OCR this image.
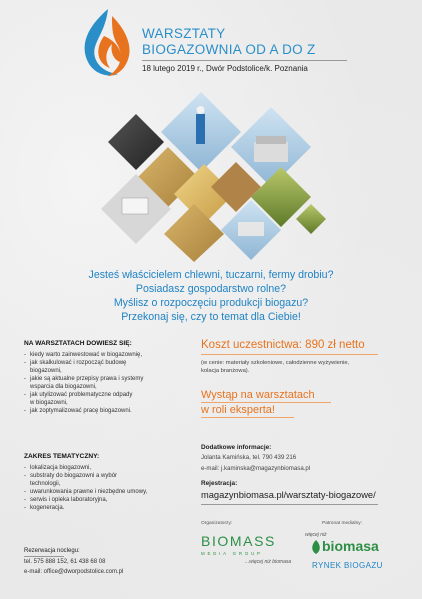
WARSZTATY
BIOGAZOWNIA OD A DO Z
18 lutego 2019 r., Dwór Podstolice/k. Poznania
Jesteś właścicielem chlewni, tuczarni, fermy drobiu?
Posiadasz gospodarstwo rolne?
Myślisz o rozpoczęciu produkcji biogazu?
Przekonaj się, czy to temat dla Ciebie!
NA WARSZTATACH DOWIESZ SIĘ:
- kiedy warto zainwestować w biogazownię,
- jak skalkulować i rozpocząć budowę
biogazowni,
- jakie są aktualne przepisy prawa i systemy
wsparcia dla biogazowni,
- jak utylizować problematyczne odpady
w biogazowni,
- jak zoptymalizować pracę biogazowni.
ZAKRES TEMATYCZNY:
- lokalizacja biogazowni,
- substraty do biogazowni a wybór
technologii,
- uwarunkowania prawne i niezbędne umowy,
- serwis i opieka laboratoryjna,
- kogeneracja.
Rezerwacja noclegu:
tel. 575 888 152, 61 438 68 08
e-mail: office@dworpodstolice.com.pl
Koszt uczestnictwa: 890 zł netto
(w cenie: materiały szkoleniowe, całodzienne wyżywienie,
kolacja branżowa).
Wystąp na warsztatach
w roli eksperta!
Dodatkowe informacje:
Jolanta Kamińska, tel. 790 439 216
e-mail: j.kaminska@magazynbiomasa.pl
Rejestracja:
magazynbiomasa.pl/warsztaty-biogazowe/
Organizatorzy:	Patronat medialny:
BIOMASS
MEDIA GROUP
...więcej niż biomasa
więcej niż
biomasa
RYNEK BIOGAZU
